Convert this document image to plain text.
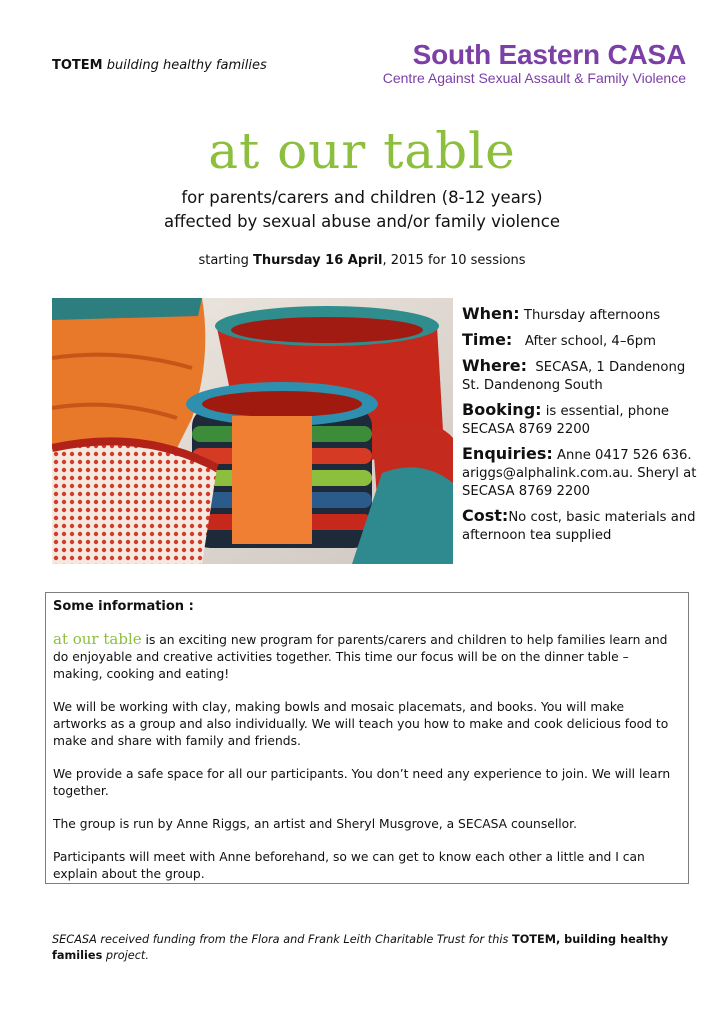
TOTEM building healthy families	South Eastern CASA
Centre Against Sexual Assault & Family Violence
at our table
for parents/carers and children (8-12 years)
affected by sexual abuse and/or family violence
starting Thursday 16 April, 2015 for 10 sessions
When: Thursday afternoons
Time: After school, 4–6pm
Where: SECASA, 1 Dandenong St. Dandenong South
Booking: is essential, phone SECASA 8769 2200
Enquiries: Anne 0417 526 636. ariggs@alphalink.com.au. Sheryl at SECASA 8769 2200
Cost:No cost, basic materials and afternoon tea supplied
Some information :

at our table is an exciting new program for parents/carers and children to help families learn and do enjoyable and creative activities together. This time our focus will be on the dinner table – making, cooking and eating!

We will be working with clay, making bowls and mosaic placemats, and books. You will make artworks as a group and also individually. We will teach you how to make and cook delicious food to make and share with family and friends.

We provide a safe space for all our participants. You don’t need any experience to join. We will learn together.

The group is run by Anne Riggs, an artist and Sheryl Musgrove, a SECASA counsellor.

Participants will meet with Anne beforehand, so we can get to know each other a little and I can explain about the group.

SECASA received funding from the Flora and Frank Leith Charitable Trust for this TOTEM, building healthy families project.
